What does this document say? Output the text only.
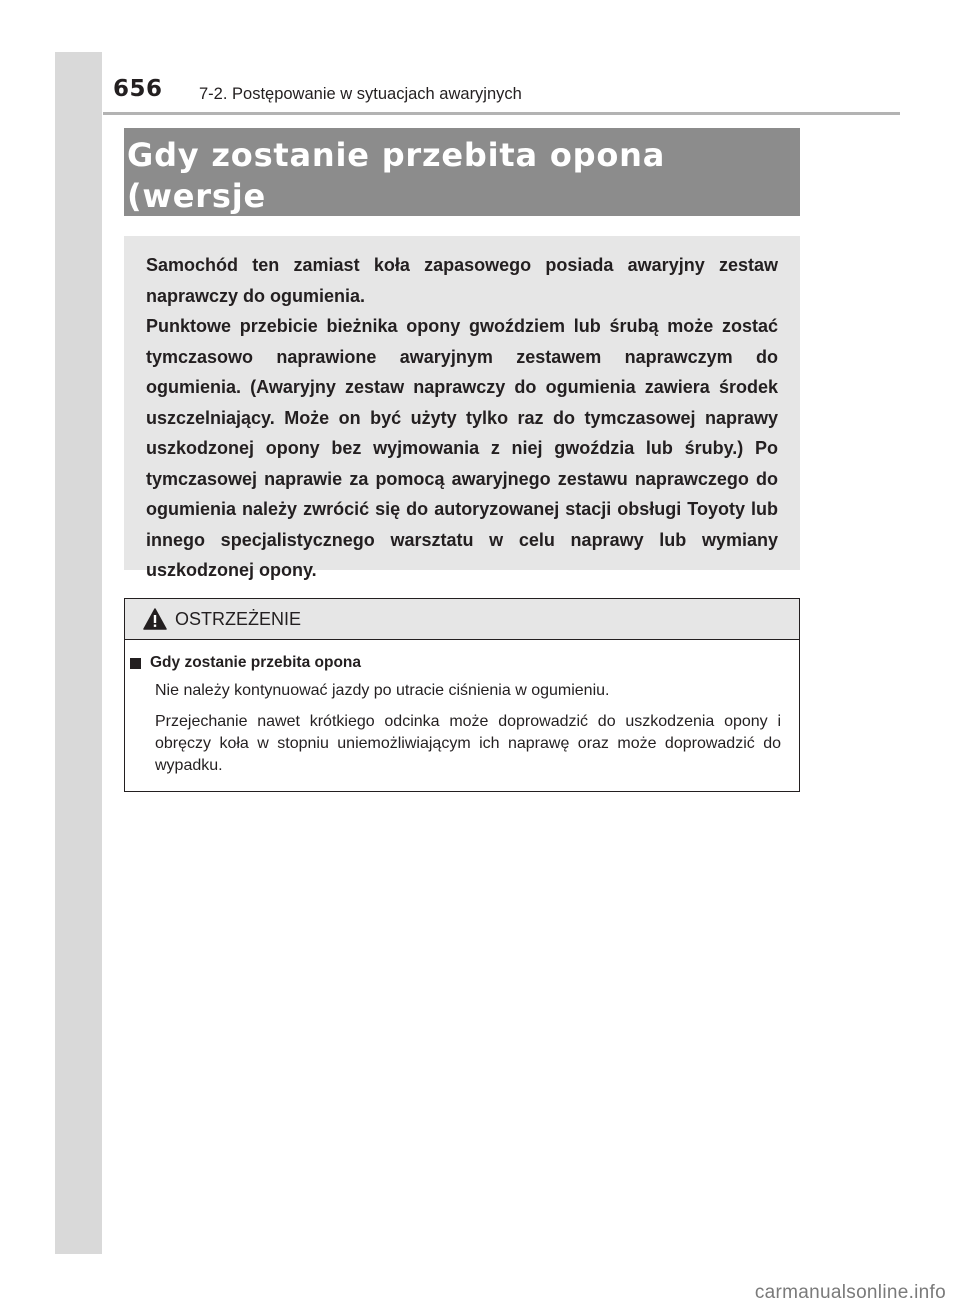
656 7-2. Postępowanie w sytuacjach awaryjnych
Gdy zostanie przebita opona (wersje

Samochód ten zamiast koła zapasowego posiada awaryjny zestaw naprawczy do ogumienia.

Punktowe przebicie bieżnika opony gwoździem lub śrubą może zostać tymczasowo naprawione awaryjnym zestawem naprawczym do ogumienia. (Awaryjny zestaw naprawczy do ogumienia zawiera środek uszczelniający. Może on być użyty tylko raz do tymczasowej naprawy uszkodzonej opony bez wyjmowania z niej gwoździa lub śruby.) Po tymczasowej naprawie za pomocą awaryjnego zestawu naprawczego do ogumienia należy zwrócić się do autoryzowanej stacji obsługi Toyoty lub innego specjalistycznego warsztatu w celu naprawy lub wymiany uszkodzonej opony.

OSTRZEŻENIE
Gdy zostanie przebita opona

Nie należy kontynuować jazdy po utracie ciśnienia w ogumieniu.

Przejechanie nawet krótkiego odcinka może doprowadzić do uszkodzenia opony i obręczy koła w stopniu uniemożliwiającym ich naprawę oraz może doprowadzić do wypadku.

carmanualsonline.info
